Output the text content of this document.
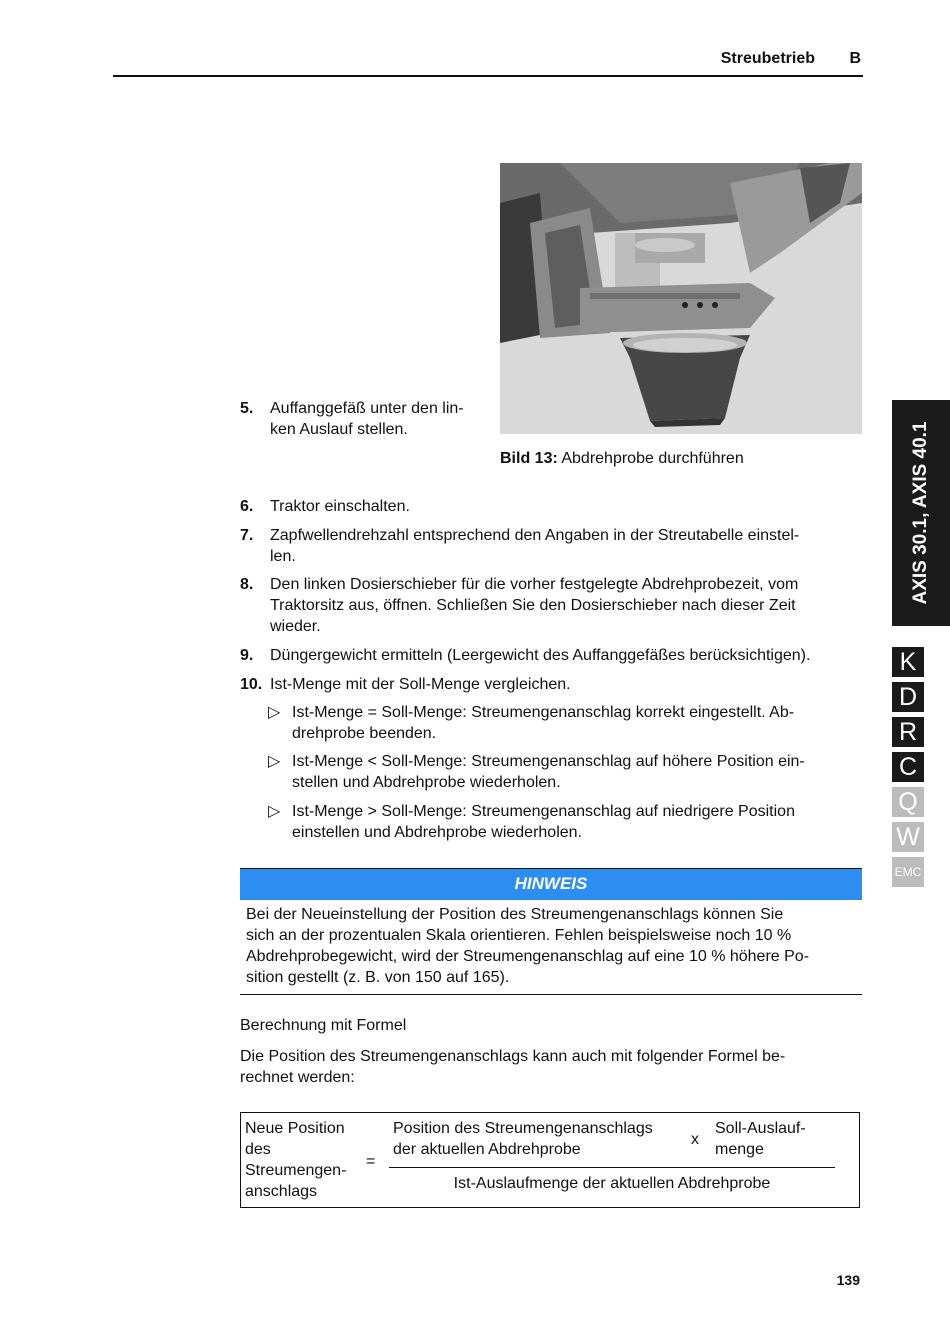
Streubetrieb B
Bild 13: Abdrehprobe durchführen
5.	Auffanggefäß unter den lin-
ken Auslauf stellen.
6.	Traktor einschalten.
7.	Zapfwellendrehzahl entsprechend den Angaben in der Streutabelle einstel-
len.
8.	Den linken Dosierschieber für die vorher festgelegte Abdrehprobezeit, vom
Traktorsitz aus, öffnen. Schließen Sie den Dosierschieber nach dieser Zeit
wieder.
9.	Düngergewicht ermitteln (Leergewicht des Auffanggefäßes berücksichtigen).
10. Ist-Menge mit der Soll-Menge vergleichen.
▷ Ist-Menge = Soll-Menge: Streumengenanschlag korrekt eingestellt. Ab-
drehprobe beenden.
▷ Ist-Menge < Soll-Menge: Streumengenanschlag auf höhere Position ein-
stellen und Abdrehprobe wiederholen.
▷ Ist-Menge > Soll-Menge: Streumengenanschlag auf niedrigere Position
einstellen und Abdrehprobe wiederholen.
HINWEIS
Bei der Neueinstellung der Position des Streumengenanschlags können Sie
sich an der prozentualen Skala orientieren. Fehlen beispielsweise noch 10 %
Abdrehprobegewicht, wird der Streumengenanschlag auf eine 10 % höhere Po-
sition gestellt (z. B. von 150 auf 165).
Berechnung mit Formel
Die Position des Streumengenanschlags kann auch mit folgender Formel be-
rechnet werden:
Neue Position
des
Streumengen-
anschlags
=
Position des Streumengenanschlags
der aktuellen Abdrehprobe
x
Soll-Auslauf-
menge
Ist-Auslaufmenge der aktuellen Abdrehprobe
AXIS 30.1, AXIS 40.1
K
D
R
C
Q
W
EMC
139
